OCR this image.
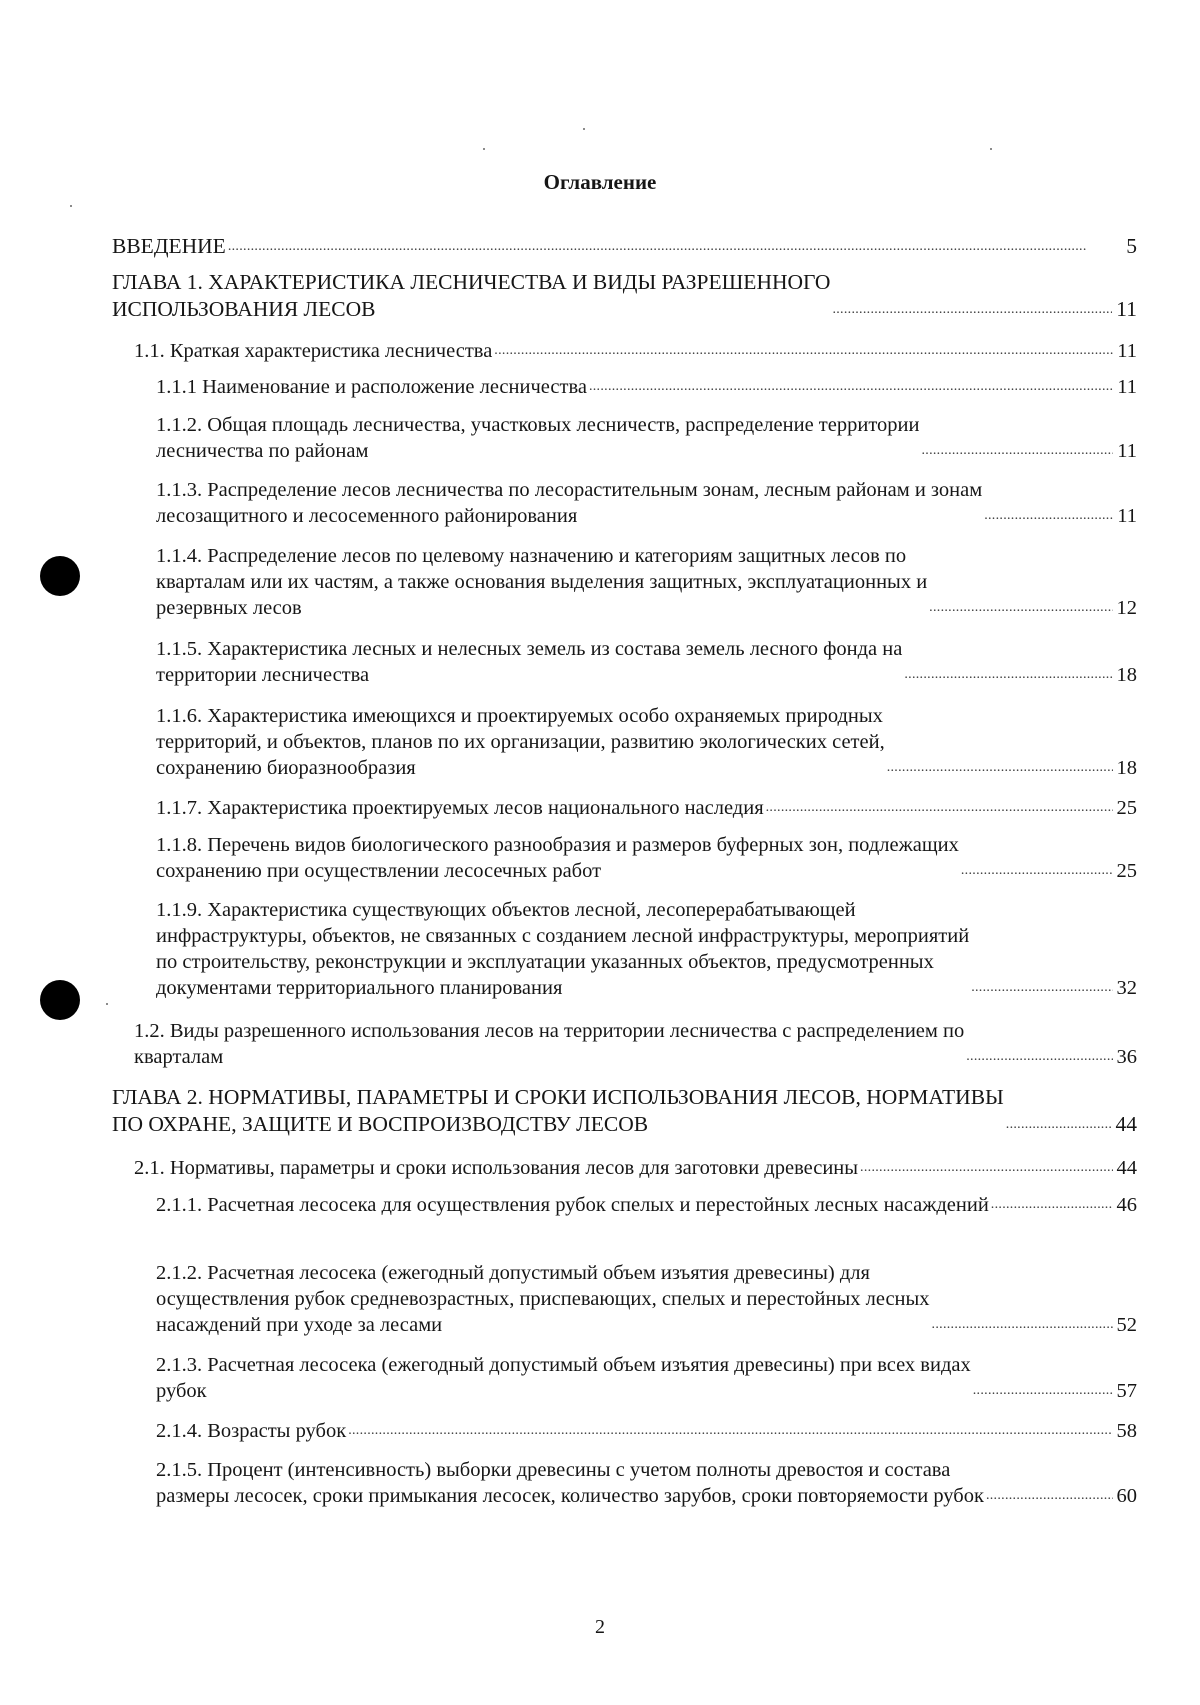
Оглавление
ВВЕДЕНИЕ . . .	5
ГЛАВА 1. ХАРАКТЕРИСТИКА ЛЕСНИЧЕСТВА И ВИДЫ РАЗРЕШЕННОГО
ИСПОЛЬЗОВАНИЯ ЛЕСОВ . . .	11
1.1. Краткая характеристика лесничества . . .	11
1.1.1 Наименование и расположение лесничества . . .	11
1.1.2. Общая площадь лесничества, участковых лесничеств, распределение территории
лесничества по районам . . .	11
1.1.3. Распределение лесов лесничества по лесорастительным зонам, лесным районам и зонам
лесозащитного и лесосеменного районирования . . .	11
1.1.4. Распределение лесов по целевому назначению и категориям защитных лесов по
кварталам или их частям, а также основания выделения защитных, эксплуатационных и
резервных лесов . . .	12
1.1.5. Характеристика лесных и нелесных земель из состава земель лесного фонда на
территории лесничества . . .	18
1.1.6. Характеристика имеющихся и проектируемых особо охраняемых природных
территорий, и объектов, планов по их организации, развитию экологических сетей,
сохранению биоразнообразия . . .	18
1.1.7. Характеристика проектируемых лесов национального наследия . . .	25
1.1.8. Перечень видов биологического разнообразия и размеров буферных зон, подлежащих
сохранению при осуществлении лесосечных работ . . .	25
1.1.9. Характеристика существующих объектов лесной, лесоперерабатывающей
инфраструктуры, объектов, не связанных с созданием лесной инфраструктуры, мероприятий
по строительству, реконструкции и эксплуатации указанных объектов, предусмотренных
документами территориального планирования . . .	32
1.2. Виды разрешенного использования лесов на территории лесничества с распределением по
кварталам . . .	36
ГЛАВА 2. НОРМАТИВЫ, ПАРАМЕТРЫ И СРОКИ ИСПОЛЬЗОВАНИЯ ЛЕСОВ, НОРМАТИВЫ
ПО ОХРАНЕ, ЗАЩИТЕ И ВОСПРОИЗВОДСТВУ ЛЕСОВ . . .	44
2.1. Нормативы, параметры и сроки использования лесов для заготовки древесины . . .	44
2.1.1. Расчетная лесосека для осуществления рубок спелых и перестойных лесных насаждений . . .	46
2.1.2. Расчетная лесосека (ежегодный допустимый объем изъятия древесины) для
осуществления рубок средневозрастных, приспевающих, спелых и перестойных лесных
насаждений при уходе за лесами . . .	52
2.1.3. Расчетная лесосека (ежегодный допустимый объем изъятия древесины) при всех видах
рубок . . .	57
2.1.4. Возрасты рубок . . .	58
2.1.5. Процент (интенсивность) выборки древесины с учетом полноты древостоя и состава
размеры лесосек, сроки примыкания лесосек, количество зарубов, сроки повторяемости рубок . . .	60
2
